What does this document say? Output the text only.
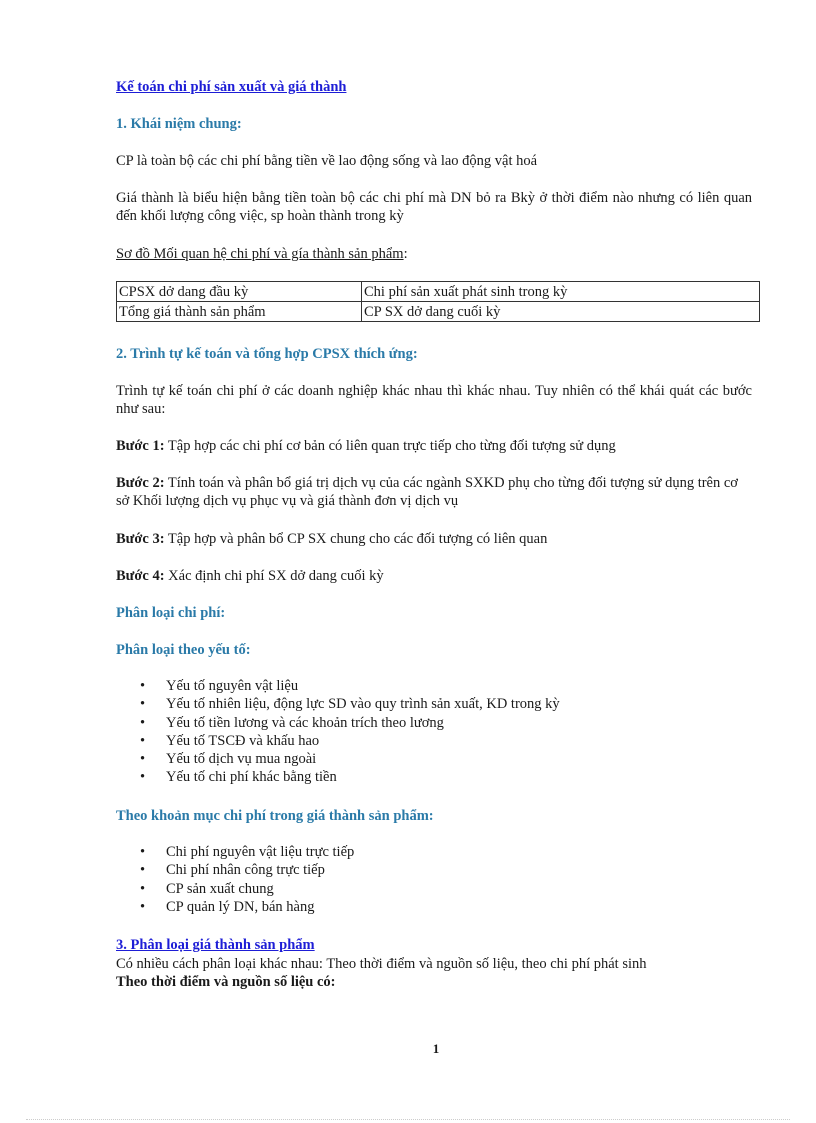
Kế toán chi phí sản xuất và giá thành
1. Khái niệm chung:
CP là toàn bộ các chi phí bằng tiền về lao động sống và lao động vật hoá
Giá thành là biểu hiện bằng tiền toàn bộ các chi phí mà DN bỏ ra Bkỳ ở thời điểm nào nhưng có liên quan đến khối lượng công việc, sp hoàn thành trong kỳ
Sơ đồ Mối quan hệ chi phí và gía thành sản phẩm:
CPSX dở dang đầu kỳ	Chi phí sản xuất phát sinh trong kỳ
Tổng giá thành sản phẩm	CP SX dở dang cuối kỳ
2. Trình tự kế toán và tổng hợp CPSX thích ứng:
Trình tự kế toán chi phí ở các doanh nghiệp khác nhau thì khác nhau. Tuy nhiên có thể khái quát các bước như sau:
Bước 1: Tập hợp các chi phí cơ bản có liên quan trực tiếp cho từng đối tượng sử dụng
Bước 2: Tính toán và phân bổ giá trị dịch vụ của các ngành SXKD phụ cho từng đối tượng sử dụng trên cơ sở Khối lượng dịch vụ phục vụ và giá thành đơn vị dịch vụ
Bước 3: Tập hợp và phân bổ CP SX chung cho các đối tượng có liên quan
Bước 4: Xác định chi phí SX dở dang cuối kỳ
Phân loại chi phí:
Phân loại theo yếu tố:
• Yếu tố nguyên vật liệu
• Yếu tố nhiên liệu, động lực SD vào quy trình sản xuất, KD trong kỳ
• Yếu tố tiền lương và các khoản trích theo lương
• Yếu tố TSCĐ và khấu hao
• Yếu tố dịch vụ mua ngoài
• Yếu tố chi phí khác bằng tiền
Theo khoản mục chi phí trong giá thành sản phẩm:
• Chi phí nguyên vật liệu trực tiếp
• Chi phí nhân công trực tiếp
• CP sản xuất chung
• CP quản lý DN, bán hàng
3. Phân loại giá thành sản phẩm
Có nhiều cách phân loại khác nhau: Theo thời điểm và nguồn số liệu, theo chi phí phát sinh
Theo thời điểm và nguồn số liệu có:
1
